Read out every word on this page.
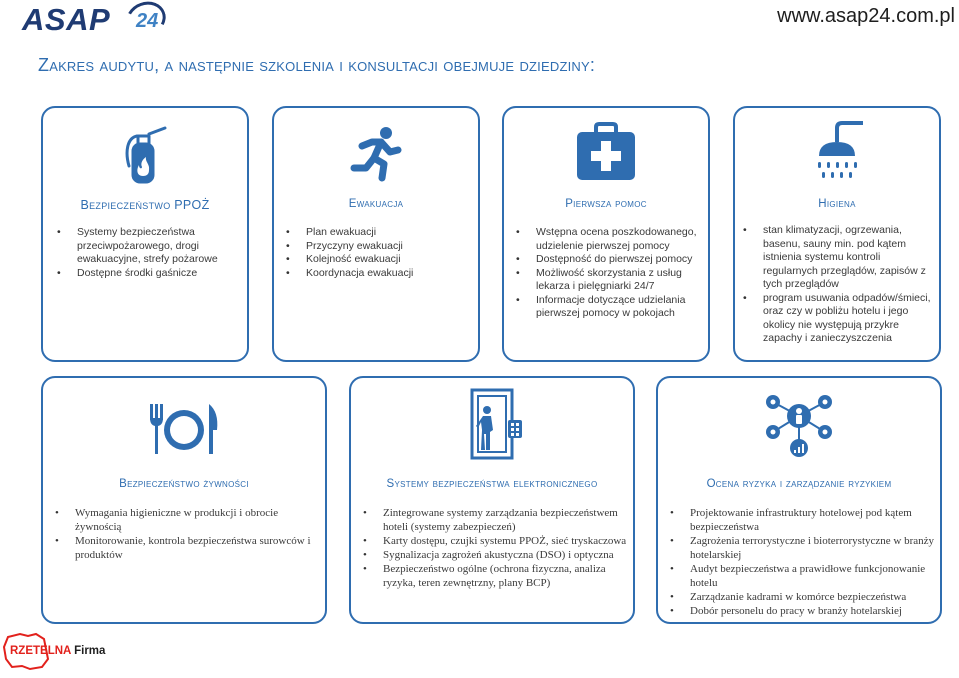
ASAP 24	www.asap24.com.pl
Zakres audytu, a następnie szkolenia i konsultacji obejmuje dziedziny:
Bezpieczeństwo PPOŻ
• Systemy bezpieczeństwa przeciwpożarowego, drogi ewakuacyjne, strefy pożarowe
• Dostępne środki gaśnicze
Ewakuacja
• Plan ewakuacji
• Przyczyny ewakuacji
• Kolejność ewakuacji
• Koordynacja ewakuacji
Pierwsza pomoc
• Wstępna ocena poszkodowanego, udzielenie pierwszej pomocy
• Dostępność do pierwszej pomocy
• Możliwość skorzystania z usług lekarza i pielęgniarki 24/7
• Informacje dotyczące udzielania pierwszej pomocy w pokojach
Higiena
• stan klimatyzacji, ogrzewania, basenu, sauny min. pod kątem istnienia systemu kontroli regularnych przeglądów, zapisów z tych przeglądów
• program usuwania odpadów/śmieci, oraz czy w pobliżu hotelu i jego okolicy nie występują przykre zapachy i zanieczyszczenia
Bezpieczeństwo żywności
• Wymagania higieniczne w produkcji i obrocie żywnością
• Monitorowanie, kontrola bezpieczeństwa surowców i produktów
Systemy bezpieczeństwa elektronicznego
• Zintegrowane systemy zarządzania bezpieczeństwem hoteli (systemy zabezpieczeń)
• Karty dostępu, czujki systemu PPOŻ, sieć tryskaczowa
• Sygnalizacja zagrożeń akustyczna (DSO) i optyczna
• Bezpieczeństwo ogólne (ochrona fizyczna, analiza ryzyka, teren zewnętrzny, plany BCP)
Ocena ryzyka i zarządzanie ryzykiem
• Projektowanie infrastruktury hotelowej pod kątem bezpieczeństwa
• Zagrożenia terrorystyczne i bioterrorystyczne w branży hotelarskiej
• Audyt bezpieczeństwa a prawidłowe funkcjonowanie hotelu
• Zarządzanie kadrami w komórce bezpieczeństwa
• Dobór personelu do pracy w branży hotelarskiej
RZETELNA Firma
